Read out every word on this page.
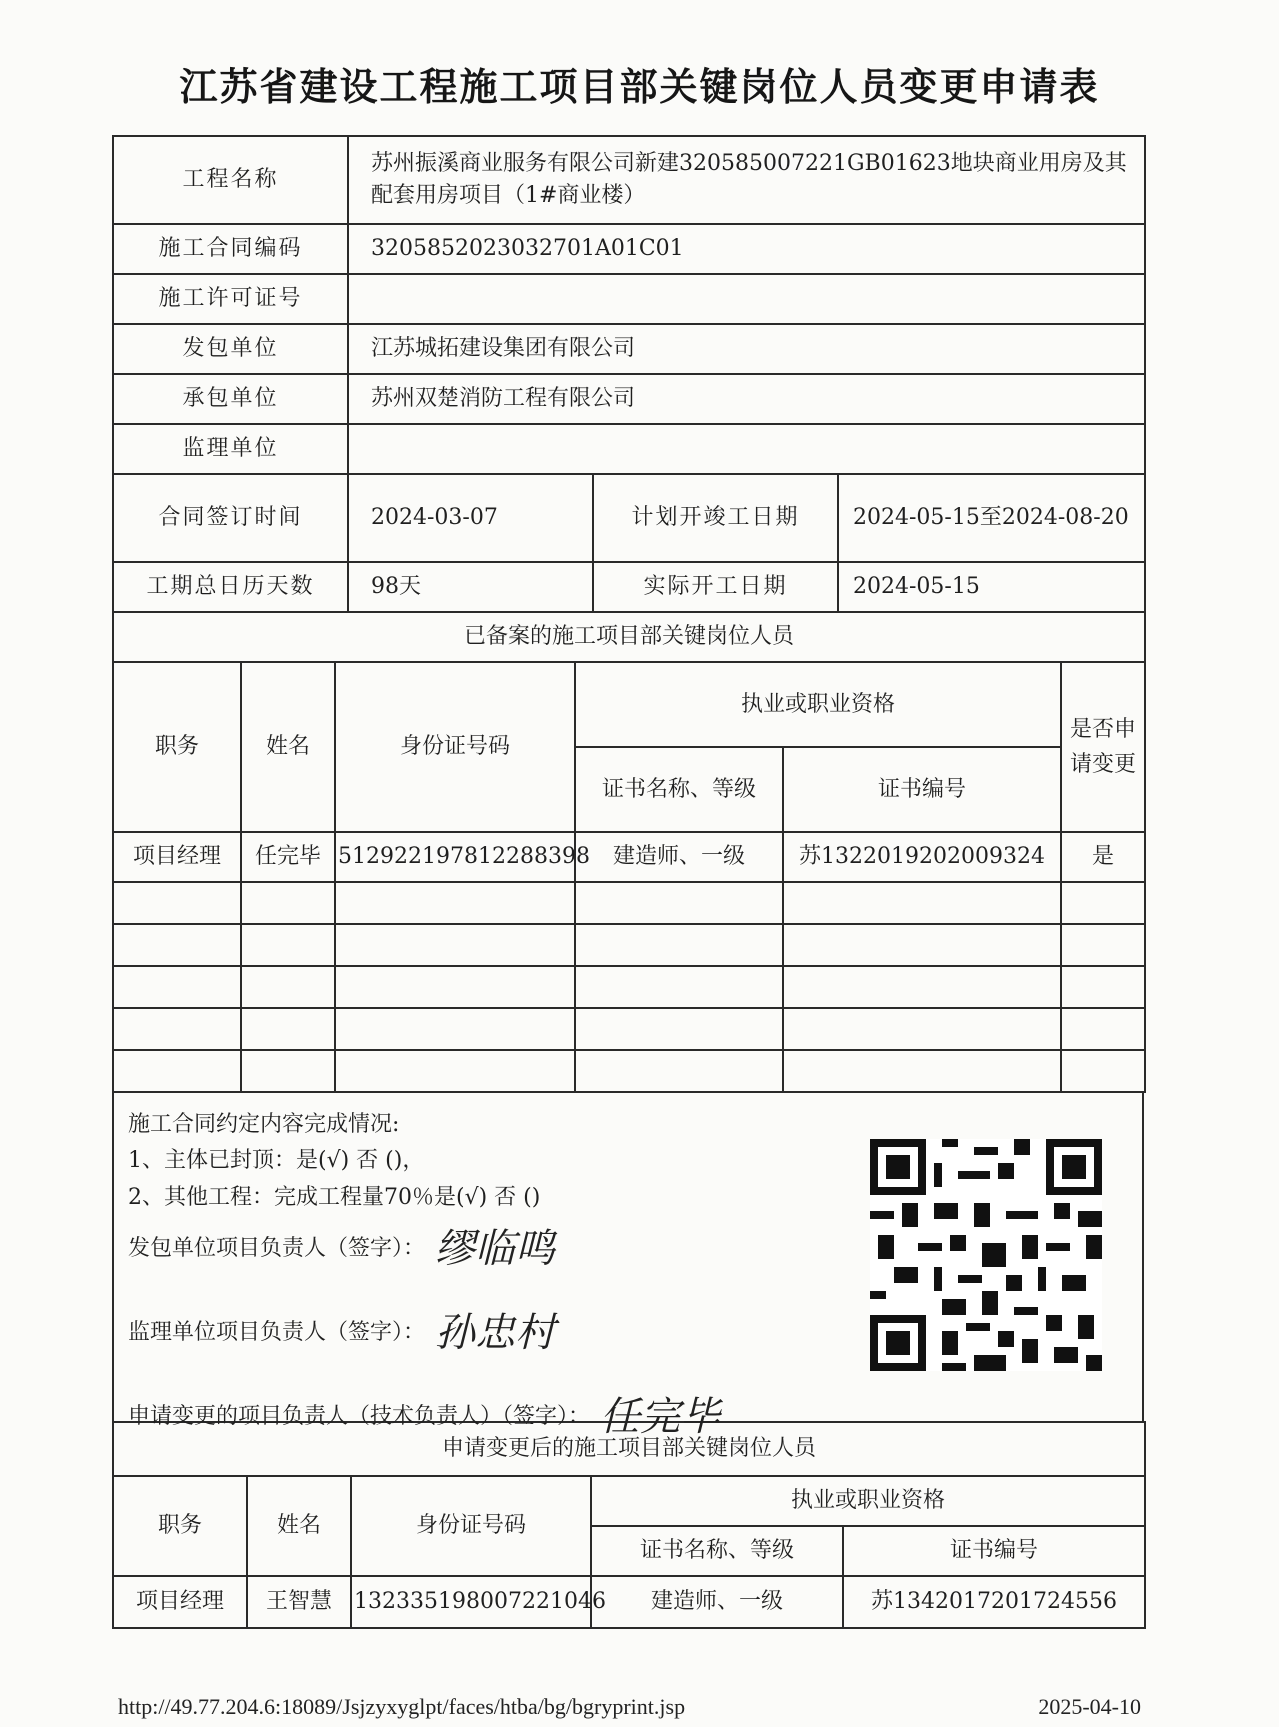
江苏省建设工程施工项目部关键岗位人员变更申请表
工程名称	苏州振溪商业服务有限公司新建320585007221GB01623地块商业用房及其配套用房项目（1#商业楼）		
施工合同编码	3205852023032701A01C01		
施工许可证号			
发包单位	江苏城拓建设集团有限公司		
承包单位	苏州双楚消防工程有限公司		
监理单位			
合同签订时间	2024-03-07	计划开竣工日期	2024-05-15至2024-08-20
工期总日历天数	98天	实际开工日期	2024-05-15
已备案的施工项目部关键岗位人员					
职务	姓名	身份证号码	执业或职业资格		是否申请变更
			证书名称、等级	证书编号	
项目经理	任完毕	512922197812288398	建造师、一级	苏1322019202009324	是

施工合同约定内容完成情况:

1、主体已封顶：是(√) 否 ()，

2、其他工程：完成工程量70％是(√) 否 ()

发包单位项目负责人（签字）： 缪临鸣

监理单位项目负责人（签字）： 孙忠村

申请变更的项目负责人（技术负责人）（签字）： 任完毕

申请变更后的施工项目部关键岗位人员				
职务	姓名	身份证号码	执业或职业资格	
			证书名称、等级	证书编号
项目经理	王智慧	132335198007221046	建造师、一级	苏1342017201724556
http://49.77.204.6:18089/Jsjzyxyglpt/faces/htba/bg/bgryprint.jsp	2025-04-10
